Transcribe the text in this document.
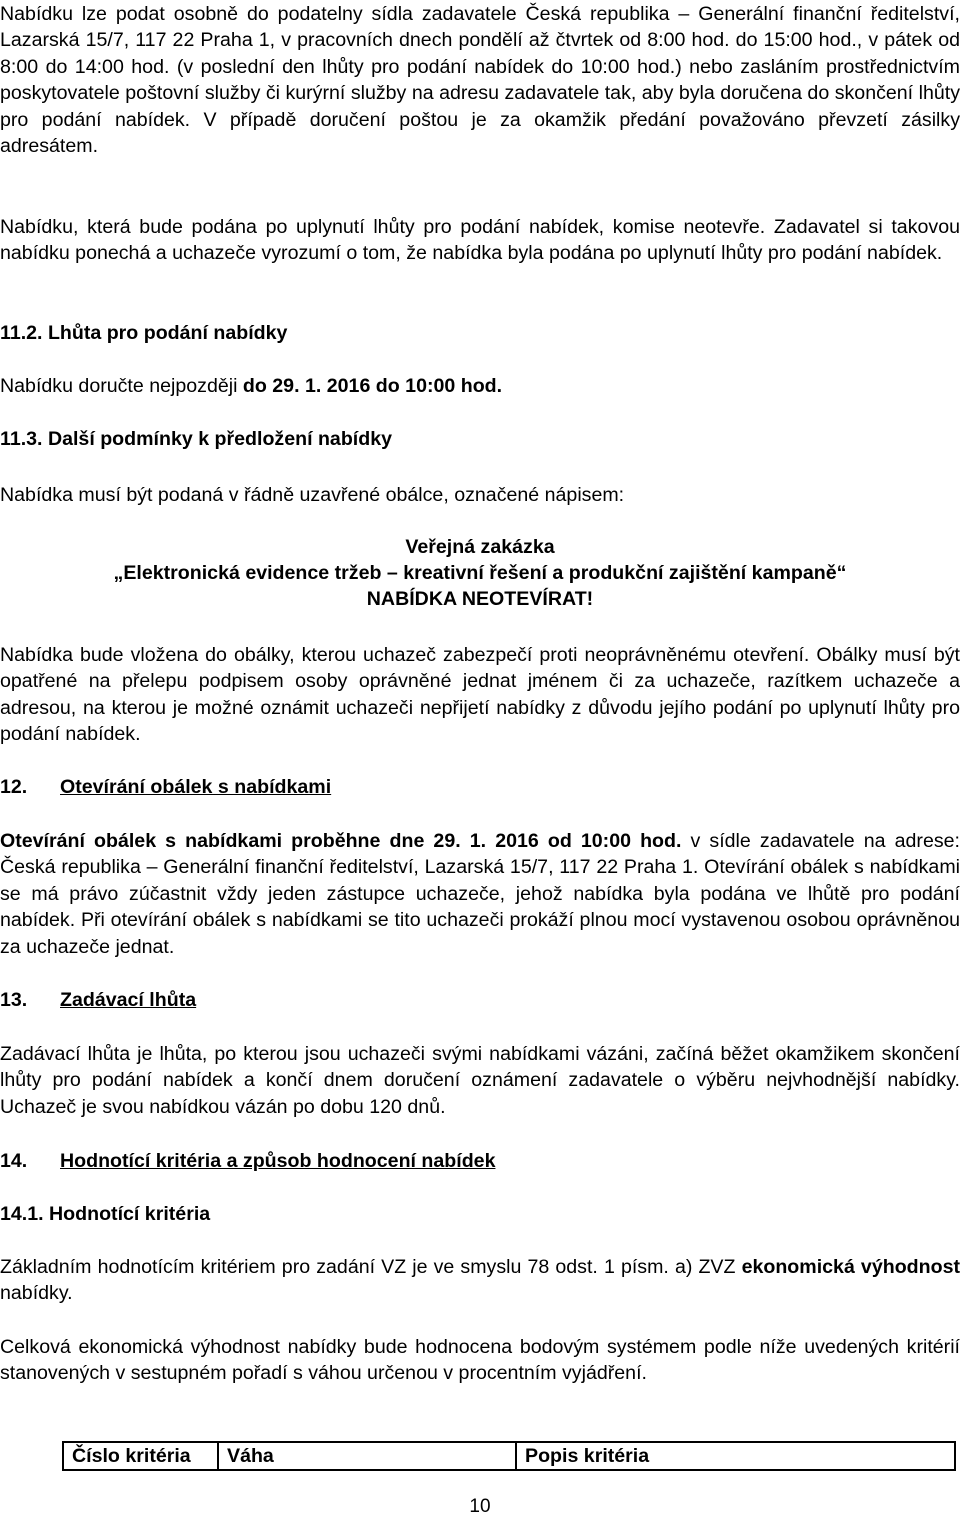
Nabídku lze podat osobně do podatelny sídla zadavatele Česká republika – Generální finanční ředitelství, Lazarská 15/7, 117 22 Praha 1, v pracovních dnech pondělí až čtvrtek od 8:00 hod. do 15:00 hod., v pátek od 8:00 do 14:00 hod. (v poslední den lhůty pro podání nabídek do 10:00 hod.) nebo zasláním prostřednictvím poskytovatele poštovní služby či kurýrní služby na adresu zadavatele tak, aby byla doručena do skončení lhůty pro podání nabídek. V případě doručení poštou je za okamžik předání považováno převzetí zásilky adresátem.

Nabídku, která bude podána po uplynutí lhůty pro podání nabídek, komise neotevře. Zadavatel si takovou nabídku ponechá a uchazeče vyrozumí o tom, že nabídka byla podána po uplynutí lhůty pro podání nabídek.

11.2. Lhůta pro podání nabídky

Nabídku doručte nejpozději do 29. 1. 2016 do 10:00 hod.

11.3. Další podmínky k předložení nabídky

Nabídka musí být podaná v řádně uzavřené obálce, označené nápisem:

Veřejná zakázka
„Elektronická evidence tržeb – kreativní řešení a produkční zajištění kampaně“
NABÍDKA NEOTEVÍRAT!

Nabídka bude vložena do obálky, kterou uchazeč zabezpečí proti neoprávněnému otevření. Obálky musí být opatřené na přelepu podpisem osoby oprávněné jednat jménem či za uchazeče, razítkem uchazeče a adresou, na kterou je možné oznámit uchazeči nepřijetí nabídky z důvodu jejího podání po uplynutí lhůty pro podání nabídek.

12. Otevírání obálek s nabídkami

Otevírání obálek s nabídkami proběhne dne 29. 1. 2016 od 10:00 hod. v sídle zadavatele na adrese: Česká republika – Generální finanční ředitelství, Lazarská 15/7, 117 22 Praha 1. Otevírání obálek s nabídkami se má právo zúčastnit vždy jeden zástupce uchazeče, jehož nabídka byla podána ve lhůtě pro podání nabídek. Při otevírání obálek s nabídkami se tito uchazeči prokáží plnou mocí vystavenou osobou oprávněnou za uchazeče jednat.

13. Zadávací lhůta

Zadávací lhůta je lhůta, po kterou jsou uchazeči svými nabídkami vázáni, začíná běžet okamžikem skončení lhůty pro podání nabídek a končí dnem doručení oznámení zadavatele o výběru nejvhodnější nabídky. Uchazeč je svou nabídkou vázán po dobu 120 dnů.

14. Hodnotící kritéria a způsob hodnocení nabídek

14.1. Hodnotící kritéria

Základním hodnotícím kritériem pro zadání VZ je ve smyslu 78 odst. 1 písm. a) ZVZ ekonomická výhodnost nabídky.

Celková ekonomická výhodnost nabídky bude hodnocena bodovým systémem podle níže uvedených kritérií stanovených v sestupném pořadí s váhou určenou v procentním vyjádření.

Číslo kritéria	Váha	Popis kritéria
10
